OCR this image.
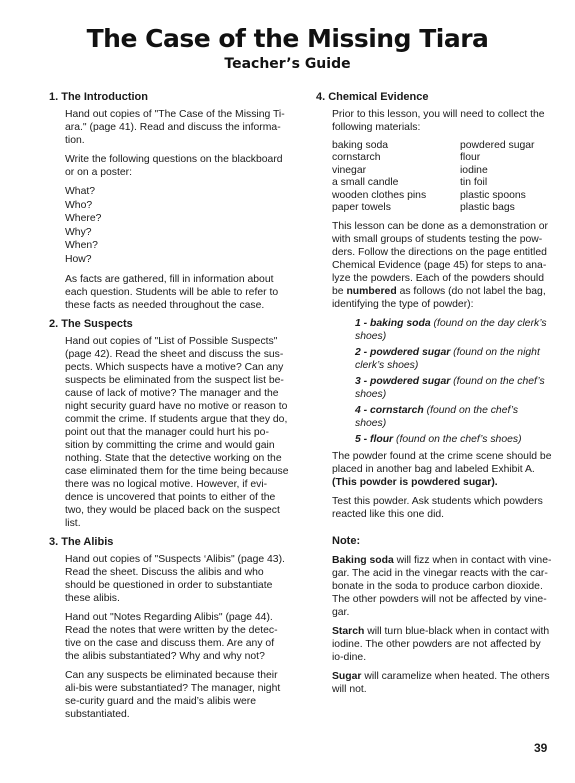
The Case of the Missing Tiara
Teacher’s Guide
1. The Introduction

Hand out copies of "The Case of the Missing Ti-ara." (page 41). Read and discuss the informa-tion.

Write the following questions on the blackboard or on a poster:

What?
Who?
Where?
Why?
When?
How?

As facts are gathered, fill in information about each question. Students will be able to refer to these facts as needed throughout the case.

2. The Suspects

Hand out copies of "List of Possible Suspects" (page 42). Read the sheet and discuss the sus-pects. Which suspects have a motive? Can any suspects be eliminated from the suspect list be-cause of lack of motive? The manager and the night security guard have no motive or reason to commit the crime. If students argue that they do, point out that the manager could hurt his po-sition by committing the crime and would gain nothing. State that the detective working on the case eliminated them for the time being because there was no logical motive. However, if evi-dence is uncovered that points to either of the two, they would be placed back on the suspect list.

3. The Alibis

Hand out copies of "Suspects ‘Alibis" (page 43). Read the sheet. Discuss the alibis and who should be questioned in order to substantiate these alibis.

Hand out "Notes Regarding Alibis" (page 44). Read the notes that were written by the detec-tive on the case and discuss them. Are any of the alibis substantiated? Why and why not?

Can any suspects be eliminated because their ali-bis were substantiated? The manager, night se-curity guard and the maid’s alibis were substantiated.

4. Chemical Evidence

Prior to this lesson, you will need to collect the following materials:

baking soda	powdered sugar
cornstarch	flour
vinegar	iodine
a small candle	tin foil
wooden clothes pins	plastic spoons
paper towels	plastic bags

This lesson can be done as a demonstration or with small groups of students testing the pow-ders. Follow the directions on the page entitled Chemical Evidence (page 45) for steps to ana-lyze the powders. Each of the powders should be numbered as follows (do not label the bag, identifying the type of powder):

1 - baking soda (found on the day clerk’s shoes)
2 - powdered sugar (found on the night clerk’s shoes)
3 - powdered sugar (found on the chef’s shoes)
4 - cornstarch (found on the chef’s shoes)
5 - flour (found on the chef’s shoes)

The powder found at the crime scene should be placed in another bag and labeled Exhibit A. (This powder is powdered sugar).

Test this powder. Ask students which powders reacted like this one did.

Note:

Baking soda will fizz when in contact with vine-gar. The acid in the vinegar reacts with the car-bonate in the soda to produce carbon dioxide. The other powders will not be affected by vine-gar.

Starch will turn blue-black when in contact with iodine. The other powders are not affected by io-dine.

Sugar will caramelize when heated. The others will not.

39
